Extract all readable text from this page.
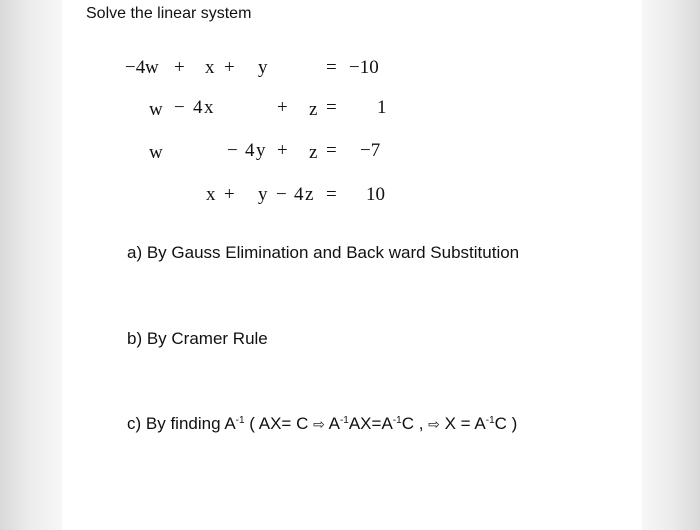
Solve the linear system
−4 w + x + y	= −10
w − 4 x	+ z = 1
w	− 4 y + z = −7
x + y − 4 z = 10
a) By Gauss Elimination and Back ward Substitution
b) By Cramer Rule
c) By finding $A^{-1}$ ( AX= C ⇨ $A^{-1}AX=A^{-1}C$ , ⇨ $X = A^{-1}C$ )
